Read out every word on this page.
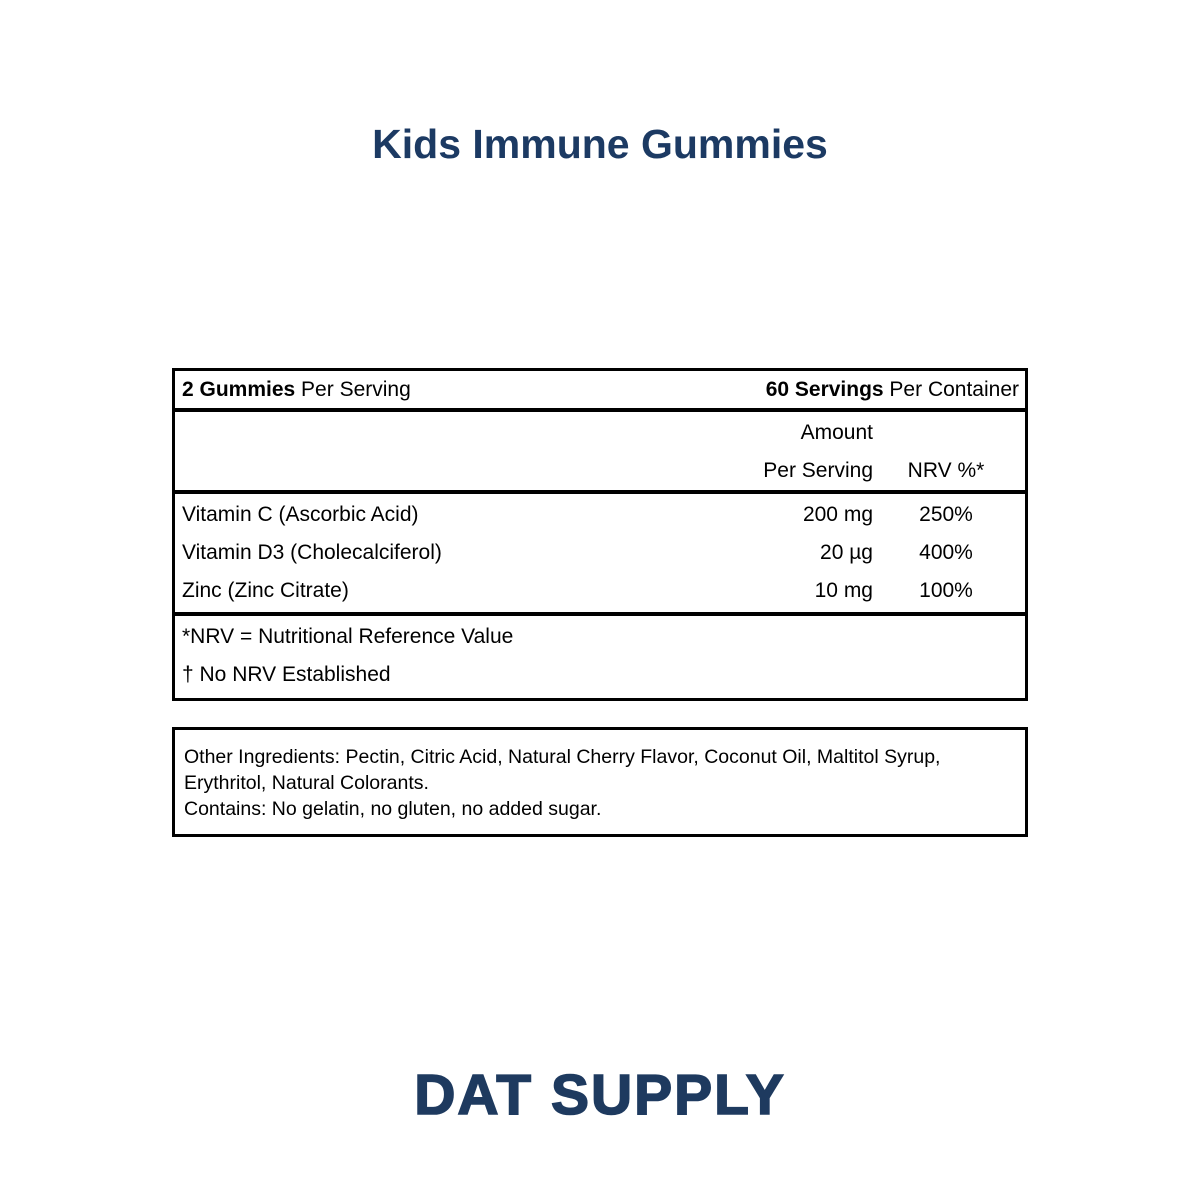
Kids Immune Gummies
2 Gummies Per Serving	60 Servings Per Container
Amount
Per Serving	NRV %*
Vitamin C (Ascorbic Acid)	200 mg	250%
Vitamin D3 (Cholecalciferol)	20 µg	400%
Zinc (Zinc Citrate)	10 mg	100%
*NRV = Nutritional Reference Value
† No NRV Established

Other Ingredients: Pectin, Citric Acid, Natural Cherry Flavor, Coconut Oil, Maltitol Syrup, Erythritol, Natural Colorants.

Contains: No gelatin, no gluten, no added sugar.

DAT SUPPLY
